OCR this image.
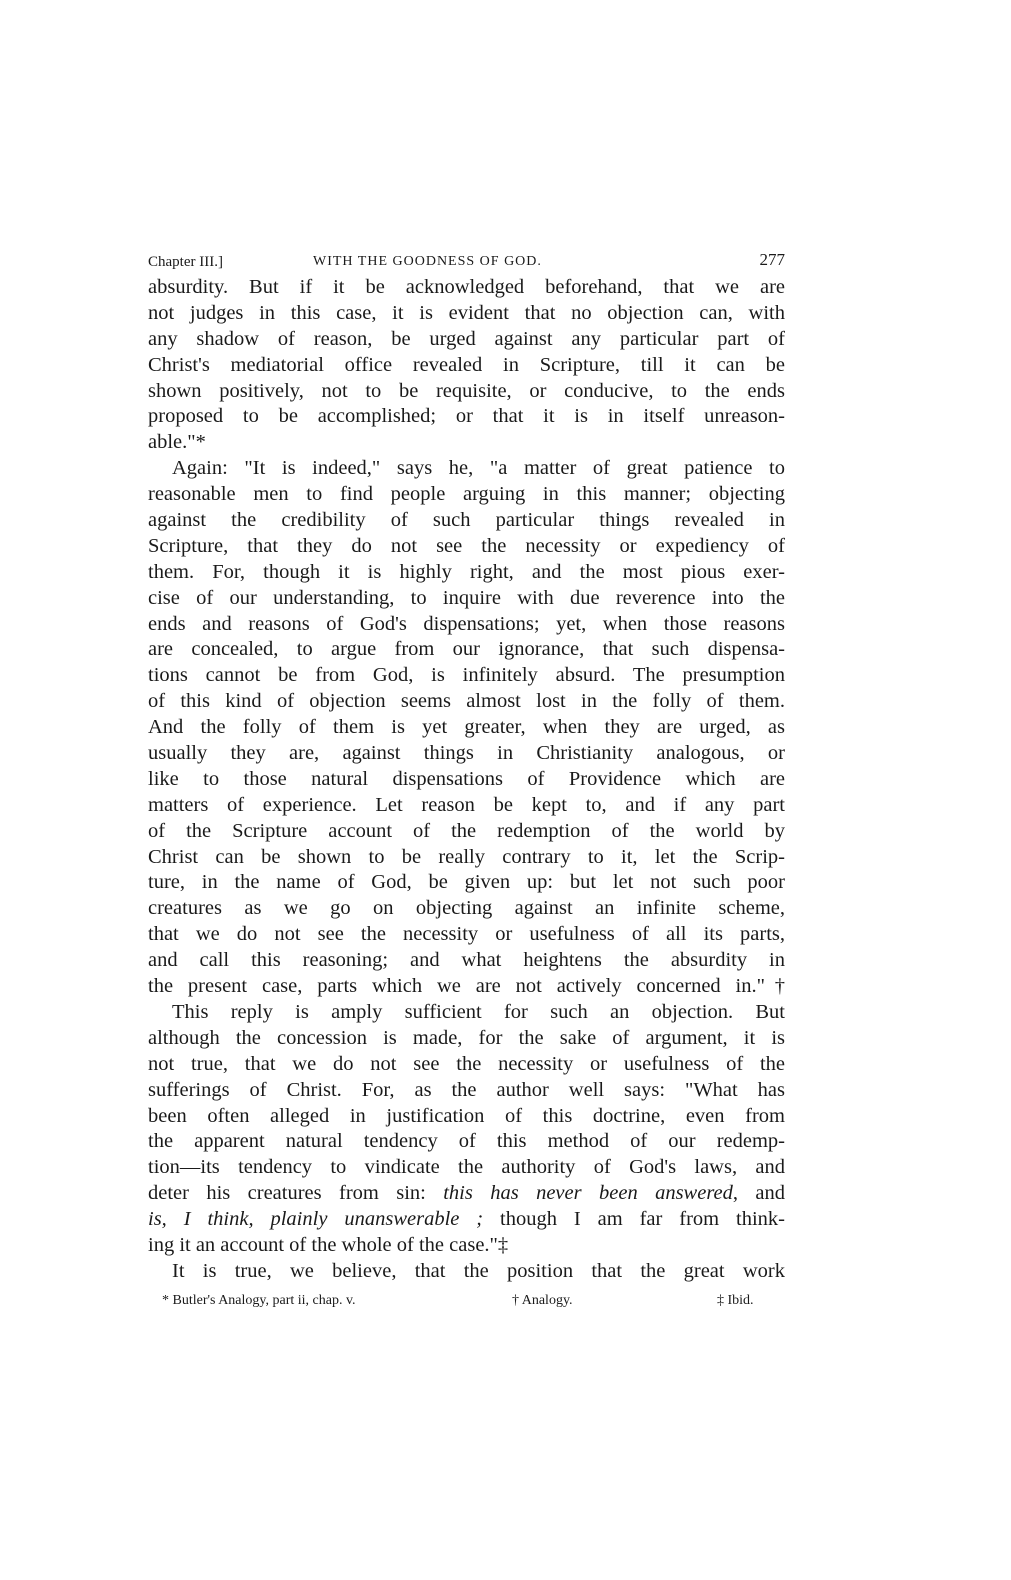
Chapter III.]	WITH THE GOODNESS OF GOD.	277
absurdity. But if it be acknowledged beforehand, that we are
not judges in this case, it is evident that no objection can, with
any shadow of reason, be urged against any particular part of
Christ's mediatorial office revealed in Scripture, till it can be
shown positively, not to be requisite, or conducive, to the ends
proposed to be accomplished; or that it is in itself unreason-
able."*
Again: "It is indeed," says he, "a matter of great patience to
reasonable men to find people arguing in this manner; objecting
against the credibility of such particular things revealed in
Scripture, that they do not see the necessity or expediency of
them. For, though it is highly right, and the most pious exer-
cise of our understanding, to inquire with due reverence into the
ends and reasons of God's dispensations; yet, when those reasons
are concealed, to argue from our ignorance, that such dispensa-
tions cannot be from God, is infinitely absurd. The presumption
of this kind of objection seems almost lost in the folly of them.
And the folly of them is yet greater, when they are urged, as
usually they are, against things in Christianity analogous, or
like to those natural dispensations of Providence which are
matters of experience. Let reason be kept to, and if any part
of the Scripture account of the redemption of the world by
Christ can be shown to be really contrary to it, let the Scrip-
ture, in the name of God, be given up: but let not such poor
creatures as we go on objecting against an infinite scheme,
that we do not see the necessity or usefulness of all its parts,
and call this reasoning; and what heightens the absurdity in
the present case, parts which we are not actively concerned in."†
This reply is amply sufficient for such an objection. But
although the concession is made, for the sake of argument, it is
not true, that we do not see the necessity or usefulness of the
sufferings of Christ. For, as the author well says: "What has
been often alleged in justification of this doctrine, even from
the apparent natural tendency of this method of our redemp-
tion—its tendency to vindicate the authority of God's laws, and
deter his creatures from sin: this has never been answered, and
is, I think, plainly unanswerable ; though I am far from think-
ing it an account of the whole of the case."‡
It is true, we believe, that the position that the great work
* Butler's Analogy, part ii, chap. v.	† Analogy.	‡ Ibid.
